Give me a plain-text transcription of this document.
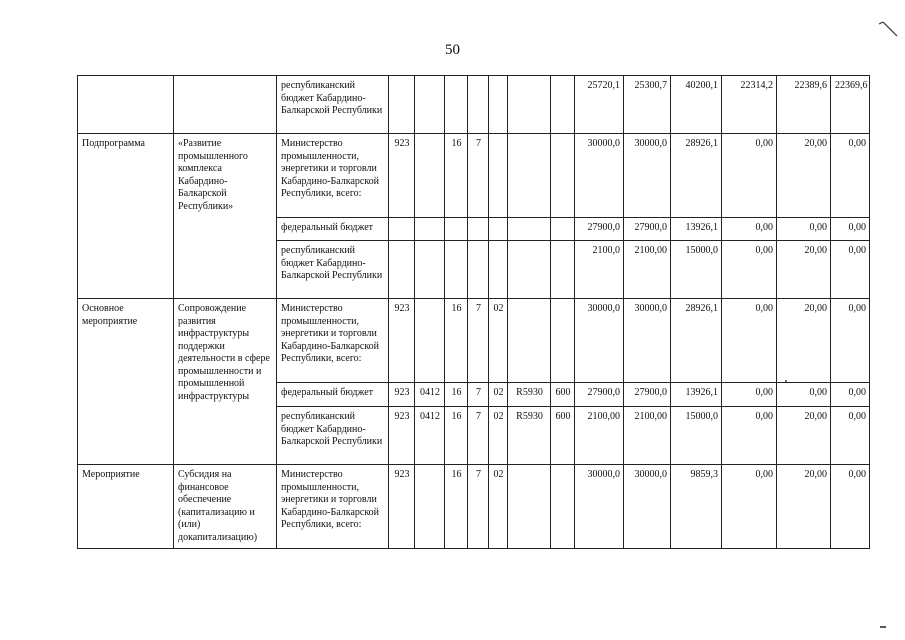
50
		республиканский бюджет Кабардино-Балкарской Республики								25720,1	25300,7	40200,1	22314,2	22389,6	22369,6
Подпрограмма	«Развитие промышленного комплекса Кабардино-Балкарской Республики»	Министерство промышленности, энергетики и торговли Кабардино-Балкарской Республики, всего:	923		16	7				30000,0	30000,0	28926,1	0,00	20,00	0,00
		федеральный бюджет								27900,0	27900,0	13926,1	0,00	0,00	0,00
		республиканский бюджет Кабардино-Балкарской Республики								2100,0	2100,00	15000,0	0,00	20,00	0,00
Основное мероприятие	Сопровождение развития инфраструктуры поддержки деятельности в сфере промышленности и промышленной инфраструктуры	Министерство промышленности, энергетики и торговли Кабардино-Балкарской Республики, всего:	923		16	7	02			30000,0	30000,0	28926,1	0,00	20,00	0,00
		федеральный бюджет	923	0412	16	7	02	R5930	600	27900,0	27900,0	13926,1	0,00	0,00	0,00
		республиканский бюджет Кабардино-Балкарской Республики	923	0412	16	7	02	R5930	600	2100,00	2100,00	15000,0	0,00	20,00	0,00
Мероприятие	Субсидия на финансовое обеспечение (капитализацию и (или) докапитализацию)	Министерство промышленности, энергетики и торговли Кабардино-Балкарской Республики, всего:	923		16	7	02			30000,0	30000,0	9859,3	0,00	20,00	0,00
